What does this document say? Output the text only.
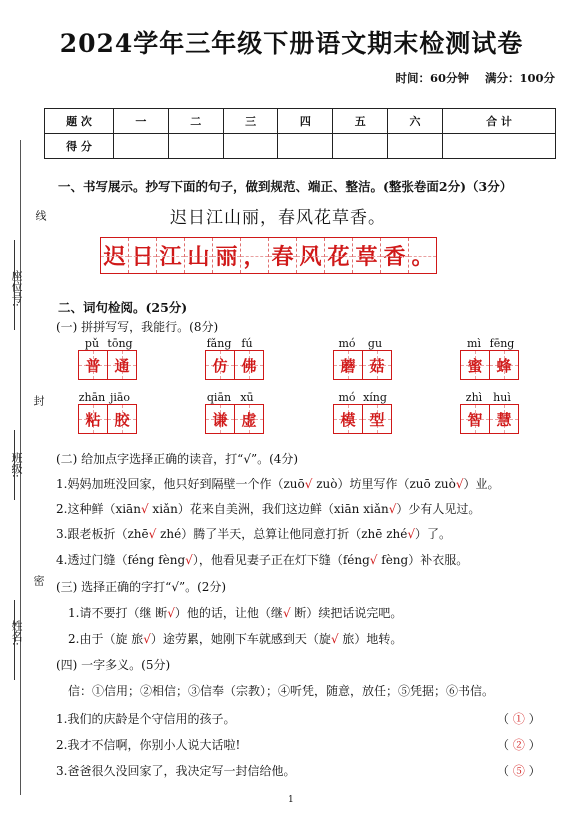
线
座位号:
封
班级:
密
姓名:
2024学年三年级下册语文期末检测试卷
时间：60分钟 满分：100分
题 次	一	二	三	四	五	六	合 计
得 分							
一、书写展示。抄写下面的句子，做到规范、端正、整洁。(整张卷面2分)（3分）
迟日江山丽，春风花草香。
迟 日 江 山 丽 ， 春 风 花 草 香 。
二、词句检阅。(25分)
(一) 拼拼写写，我能行。(8分)
pǔ tōng
普 通
fǎng fú
仿 佛
mó	gu
蘑 菇
mì fēng
蜜 蜂
zhān jiāo
粘 胶
qiān xū
谦 虚
mó xíng
模 型
zhì huì
智 慧
(二) 给加点字选择正确的读音，打“√”。(4分)
1.妈妈加班没回家，他只好到隔壁一个作（zuō√ zuò）坊里写作（zuō zuò√）业。
2.这种鲜（xiān√ xiǎn）花来自美洲，我们这边鲜（xiān xiǎn√）少有人见过。
3.跟老板折（zhē√ zhé）腾了半天，总算让他同意打折（zhē zhé√）了。
4.透过门缝（féng fèng√），他看见妻子正在灯下缝（féng√ fèng）补衣服。
(三) 选择正确的字打“√”。(2分)
1.请不要打（继 断√）他的话，让他（继√ 断）续把话说完吧。
2.由于（旋 旅√）途劳累，她刚下车就感到天（旋√ 旅）地转。
(四) 一字多义。(5分)
信：①信用；②相信；③信奉（宗教）；④听凭，随意，放任；⑤凭据；⑥书信。
1.我们的庆龄是个守信用的孩子。	（ ① ）
2.我才不信啊，你别小人说大话啦!	（ ② ）
3.爸爸很久没回家了，我决定写一封信给他。	（ ⑤ ）
1
